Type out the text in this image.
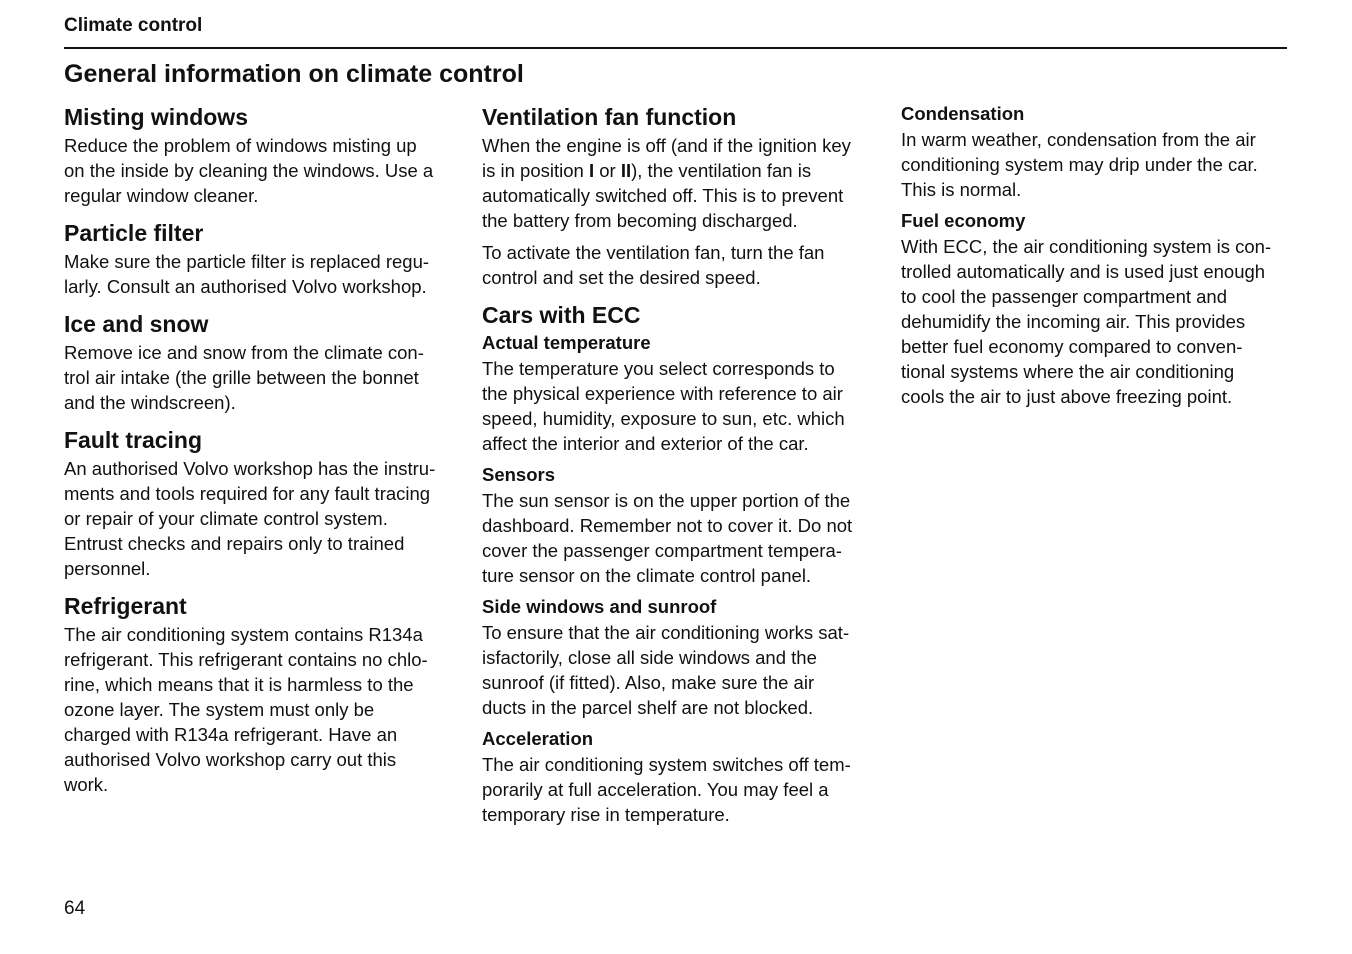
Climate control
General information on climate control
Misting windows

Reduce the problem of windows misting up
on the inside by cleaning the windows. Use a
regular window cleaner.

Particle filter

Make sure the particle filter is replaced regu-
larly. Consult an authorised Volvo workshop.

Ice and snow

Remove ice and snow from the climate con-
trol air intake (the grille between the bonnet
and the windscreen).

Fault tracing

An authorised Volvo workshop has the instru-
ments and tools required for any fault tracing
or repair of your climate control system.
Entrust checks and repairs only to trained
personnel.

Refrigerant

The air conditioning system contains R134a
refrigerant. This refrigerant contains no chlo-
rine, which means that it is harmless to the
ozone layer. The system must only be
charged with R134a refrigerant. Have an
authorised Volvo workshop carry out this
work.

Ventilation fan function

When the engine is off (and if the ignition key
is in position I or II), the ventilation fan is
automatically switched off. This is to prevent
the battery from becoming discharged.

To activate the ventilation fan, turn the fan
control and set the desired speed.

Cars with ECC
Actual temperature

The temperature you select corresponds to
the physical experience with reference to air
speed, humidity, exposure to sun, etc. which
affect the interior and exterior of the car.

Sensors

The sun sensor is on the upper portion of the
dashboard. Remember not to cover it. Do not
cover the passenger compartment tempera-
ture sensor on the climate control panel.

Side windows and sunroof

To ensure that the air conditioning works sat-
isfactorily, close all side windows and the
sunroof (if fitted). Also, make sure the air
ducts in the parcel shelf are not blocked.

Acceleration

The air conditioning system switches off tem-
porarily at full acceleration. You may feel a
temporary rise in temperature.

Condensation

In warm weather, condensation from the air
conditioning system may drip under the car.
This is normal.

Fuel economy

With ECC, the air conditioning system is con-
trolled automatically and is used just enough
to cool the passenger compartment and
dehumidify the incoming air. This provides
better fuel economy compared to conven-
tional systems where the air conditioning
cools the air to just above freezing point.

64
